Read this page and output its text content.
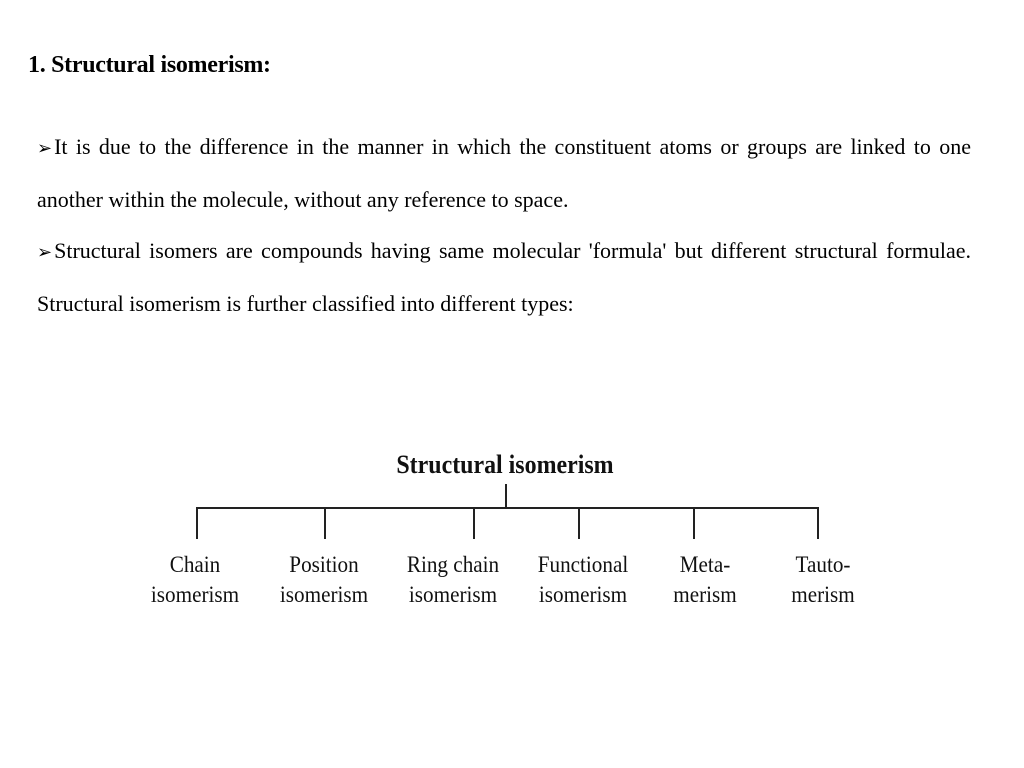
1. Structural isomerism:

➢It is due to the difference in the manner in which the constituent atoms or groups are linked to one another within the molecule, without any reference to space.

➢Structural isomers are compounds having same molecular 'formula' but different structural formulae. Structural isomerism is further classified into different types:

Structural isomerism
Chain
isomerism
Position
isomerism
Ring chain
isomerism
Functional
isomerism
Meta-
merism
Tauto-
merism
